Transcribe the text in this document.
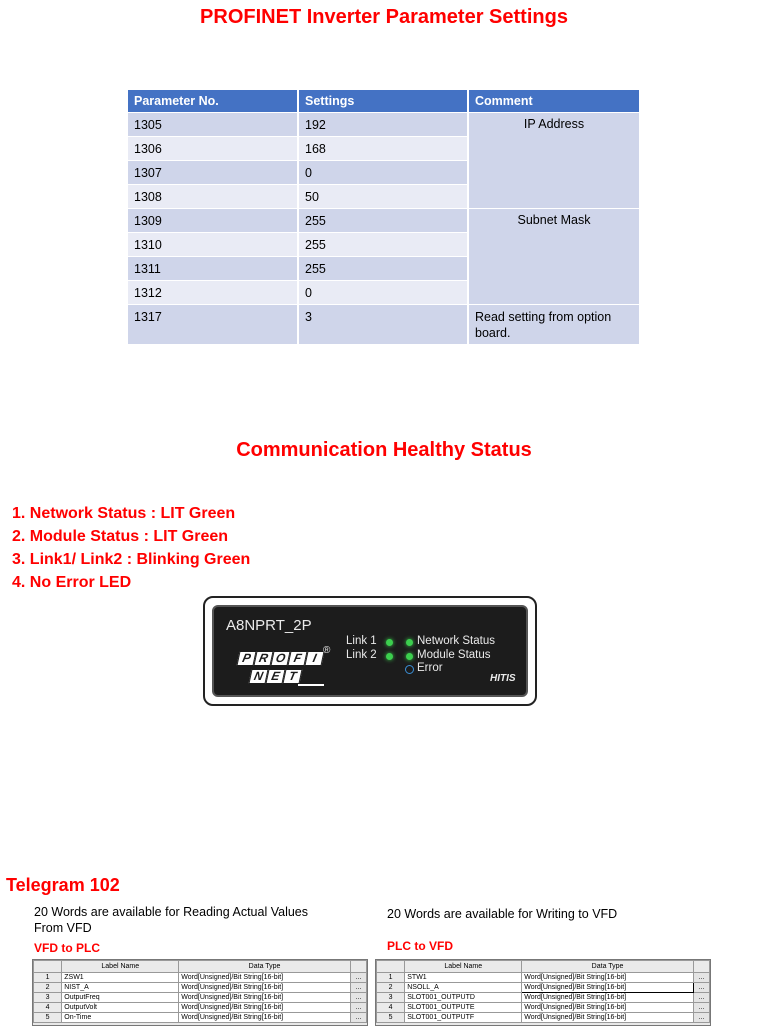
PROFINET Inverter Parameter Settings
Parameter No.	Settings	Comment
1305	192	IP Address
1306	168	
1307	0	
1308	50	
1309	255	Subnet Mask
1310	255	
1311	255	
1312	0	
1317	3	Read setting from option board.
Communication Healthy Status
1. Network Status : LIT Green
2. Module Status : LIT Green
3. Link1/ Link2 : Blinking Green
4. No Error LED
A8NPRT_2P
Link 1
Link 2
Network Status
Module Status
Error
P R O F I
N E T
®
HITIS
Telegram 102
20 Words are available for Reading Actual Values From VFD
VFD to PLC
20 Words are available for Writing to VFD
PLC to VFD
	Label Name	Data Type	
1	ZSW1	Word[Unsigned]/Bit String[16-bit]	...
2	NIST_A	Word[Unsigned]/Bit String[16-bit]	...
3	OutputFreq	Word[Unsigned]/Bit String[16-bit]	...
4	OutputVolt	Word[Unsigned]/Bit String[16-bit]	...
5	On-Time	Word[Unsigned]/Bit String[16-bit]	...
	Label Name	Data Type	
1	STW1	Word[Unsigned]/Bit String[16-bit]	...
2	NSOLL_A	Word[Unsigned]/Bit String[16-bit]	...
3	SLOT001_OUTPUTD	Word[Unsigned]/Bit String[16-bit]	...
4	SLOT001_OUTPUTE	Word[Unsigned]/Bit String[16-bit]	...
5	SLOT001_OUTPUTF	Word[Unsigned]/Bit String[16-bit]	...
